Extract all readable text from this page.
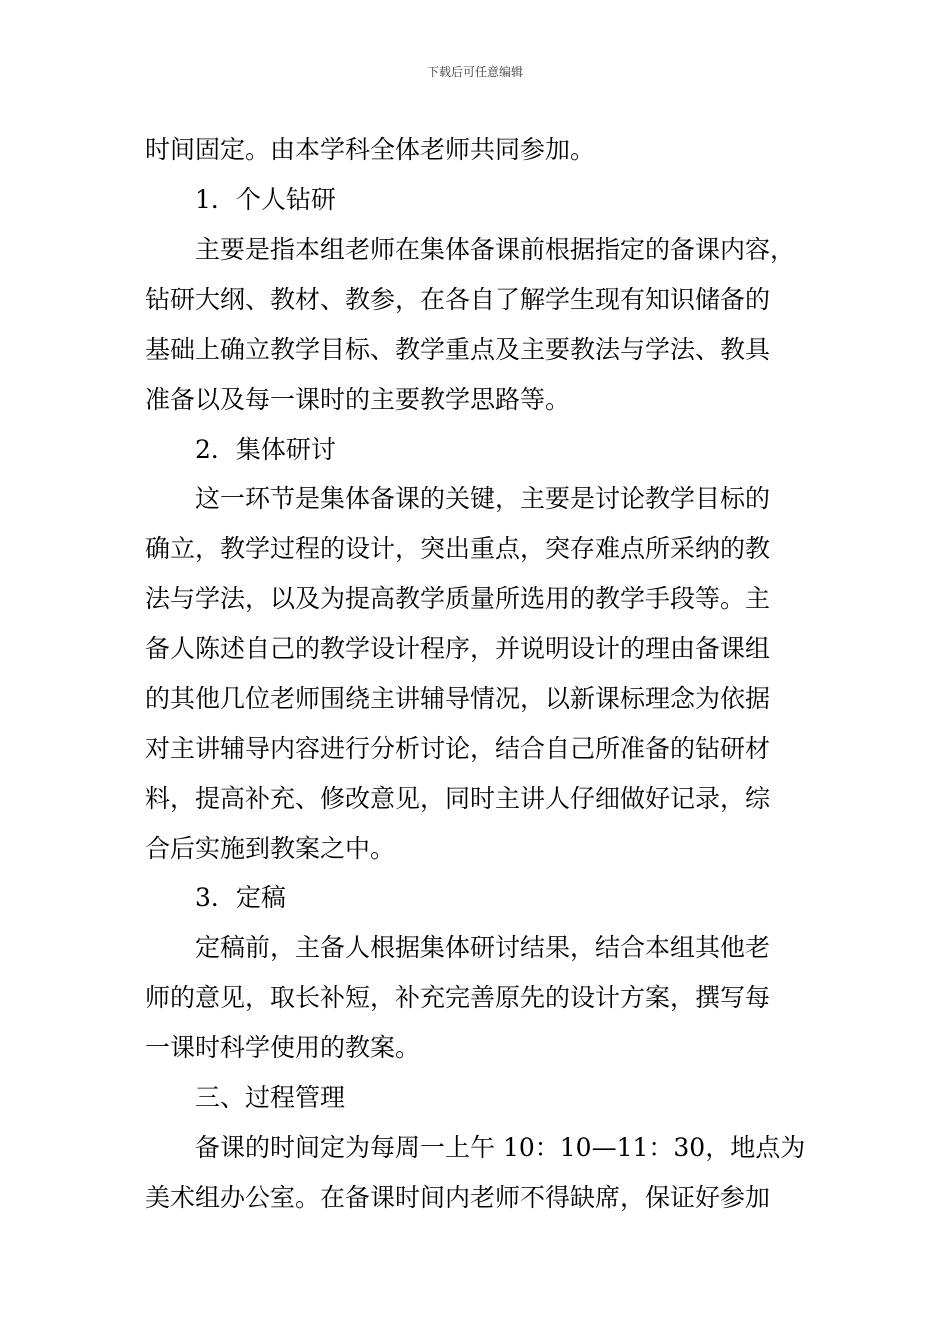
下载后可任意编辑
时间固定。由本学科全体老师共同参加。
1．个人钻研
主要是指本组老师在集体备课前根据指定的备课内容，
钻研大纲、教材、教参，在各自了解学生现有知识储备的
基础上确立教学目标、教学重点及主要教法与学法、教具
准备以及每一课时的主要教学思路等。
2．集体研讨
这一环节是集体备课的关键，主要是讨论教学目标的
确立，教学过程的设计，突出重点，突存难点所采纳的教
法与学法，以及为提高教学质量所选用的教学手段等。主
备人陈述自己的教学设计程序，并说明设计的理由备课组
的其他几位老师围绕主讲辅导情况，以新课标理念为依据
对主讲辅导内容进行分析讨论，结合自己所准备的钻研材
料，提高补充、修改意见，同时主讲人仔细做好记录，综
合后实施到教案之中。
3．定稿
定稿前，主备人根据集体研讨结果，结合本组其他老
师的意见，取长补短，补充完善原先的设计方案，撰写每
一课时科学使用的教案。
三、过程管理
备课的时间定为每周一上午 10：10—11：30，地点为
美术组办公室。在备课时间内老师不得缺席，保证好参加
